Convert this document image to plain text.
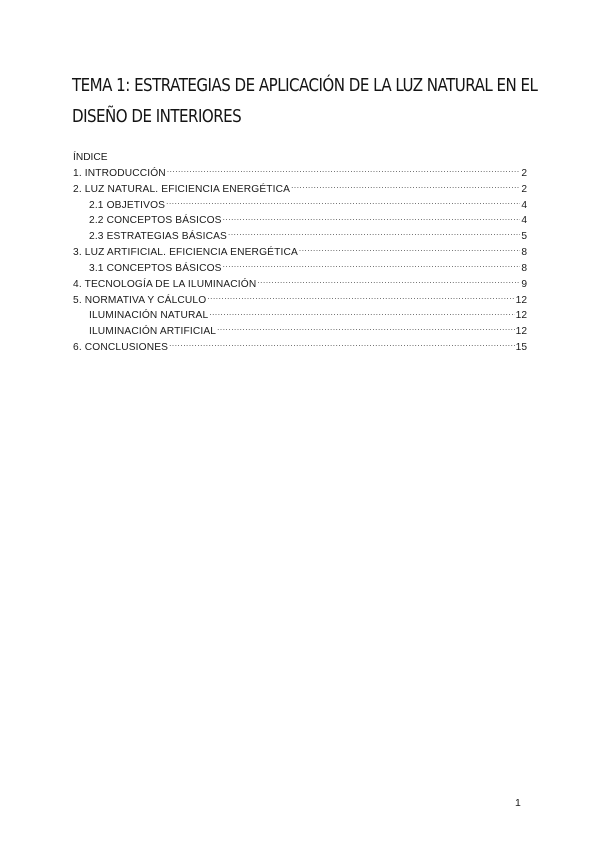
TEMA 1: ESTRATEGIAS DE APLICACIÓN DE LA LUZ NATURAL EN EL DISEÑO DE INTERIORES
ÍNDICE
1. INTRODUCCIÓN .....	2
2. LUZ NATURAL. EFICIENCIA ENERGÉTICA .....	2
2.1 OBJETIVOS .....	4
2.2 CONCEPTOS BÁSICOS .....	4
2.3 ESTRATEGIAS BÁSICAS .....	5
3. LUZ ARTIFICIAL. EFICIENCIA ENERGÉTICA .....	8
3.1 CONCEPTOS BÁSICOS .....	8
4. TECNOLOGÍA DE LA ILUMINACIÓN .....	9
5. NORMATIVA Y CÁLCULO .....	12
ILUMINACIÓN NATURAL .....	12
ILUMINACIÓN ARTIFICIAL .....	12
6. CONCLUSIONES .....	15
1
